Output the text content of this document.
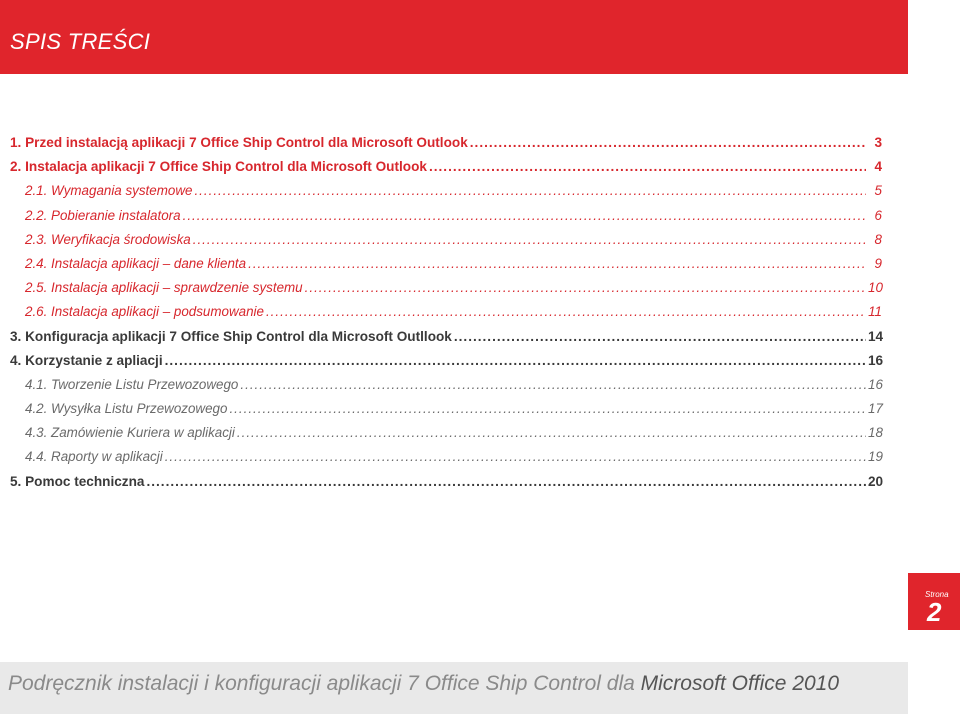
SPIS TREŚCI
1. Przed instalacją aplikacji 7 Office Ship Control dla Microsoft Outlook .....	3
2. Instalacja aplikacji 7 Office Ship Control dla Microsoft Outlook .....	4
2.1. Wymagania systemowe .....	5
2.2. Pobieranie instalatora .....	6
2.3. Weryfikacja środowiska .....	8
2.4. Instalacja aplikacji – dane klienta .....	9
2.5. Instalacja aplikacji – sprawdzenie systemu .....	10
2.6. Instalacja aplikacji – podsumowanie .....	11
3. Konfiguracja aplikacji 7 Office Ship Control dla Microsoft Outllook .....	14
4. Korzystanie z apliacji .....	16
4.1. Tworzenie Listu Przewozowego .....	16
4.2. Wysyłka Listu Przewozowego .....	17
4.3. Zamówienie Kuriera w aplikacji .....	18
4.4. Raporty w aplikacji .....	19
5. Pomoc techniczna .....	20
Strona
2
Podręcznik instalacji i konfiguracji aplikacji 7 Office Ship Control dla Microsoft Office 2010
